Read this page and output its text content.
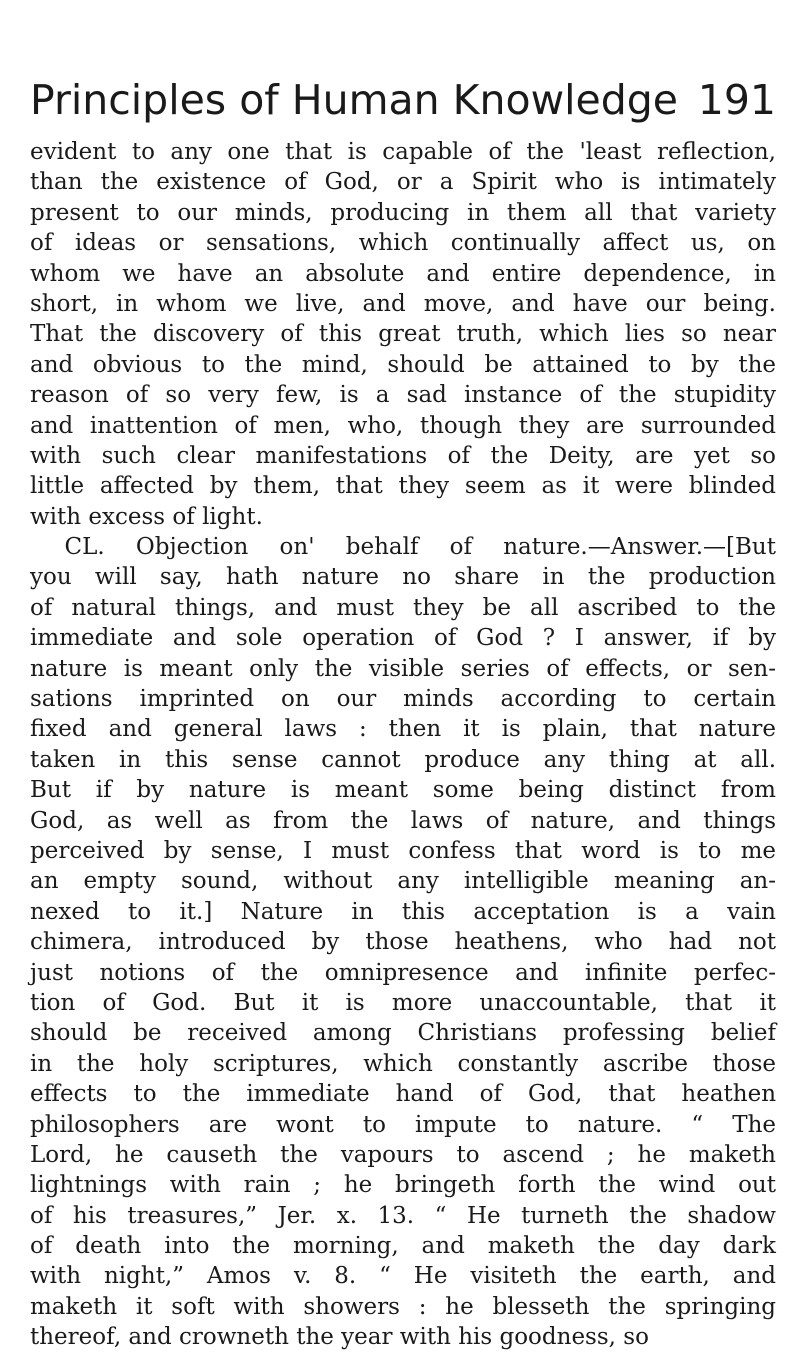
Principles of Human Knowledge 191
evident to any one that is capable of the 'least reflection,
than the existence of God, or a Spirit who is intimately
present to our minds, producing in them all that variety
of ideas or sensations, which continually affect us, on
whom we have an absolute and entire dependence, in
short, in whom we live, and move, and have our being.
That the discovery of this great truth, which lies so near
and obvious to the mind, should be attained to by the
reason of so very few, is a sad instance of the stupidity
and inattention of men, who, though they are surrounded
with such clear manifestations of the Deity, are yet so
little affected by them, that they seem as it were blinded
with excess of light.
  CL. Objection on' behalf of nature.—Answer.—[But
you will say, hath nature no share in the production
of natural things, and must they be all ascribed to the
immediate and sole operation of God ? I answer, if by
nature is meant only the visible series of effects, or sen-
sations imprinted on our minds according to certain
fixed and general laws : then it is plain, that nature
taken in this sense cannot produce any thing at all.
But if by nature is meant some being distinct from
God, as well as from the laws of nature, and things
perceived by sense, I must confess that word is to me
an empty sound, without any intelligible meaning an-
nexed to it.] Nature in this acceptation is a vain
chimera, introduced by those heathens, who had not
just notions of the omnipresence and infinite perfec-
tion of God. But it is more unaccountable, that it
should be received among Christians professing belief
in the holy scriptures, which constantly ascribe those
effects to the immediate hand of God, that heathen
philosophers are wont to impute to nature. “ The
Lord, he causeth the vapours to ascend ; he maketh
lightnings with rain ; he bringeth forth the wind out
of his treasures,” Jer. x. 13. “ He turneth the shadow
of death into the morning, and maketh the day dark
with night,” Amos v. 8. “ He visiteth the earth, and
maketh it soft with showers : he blesseth the springing
thereof, and crowneth the year with his goodness, so
